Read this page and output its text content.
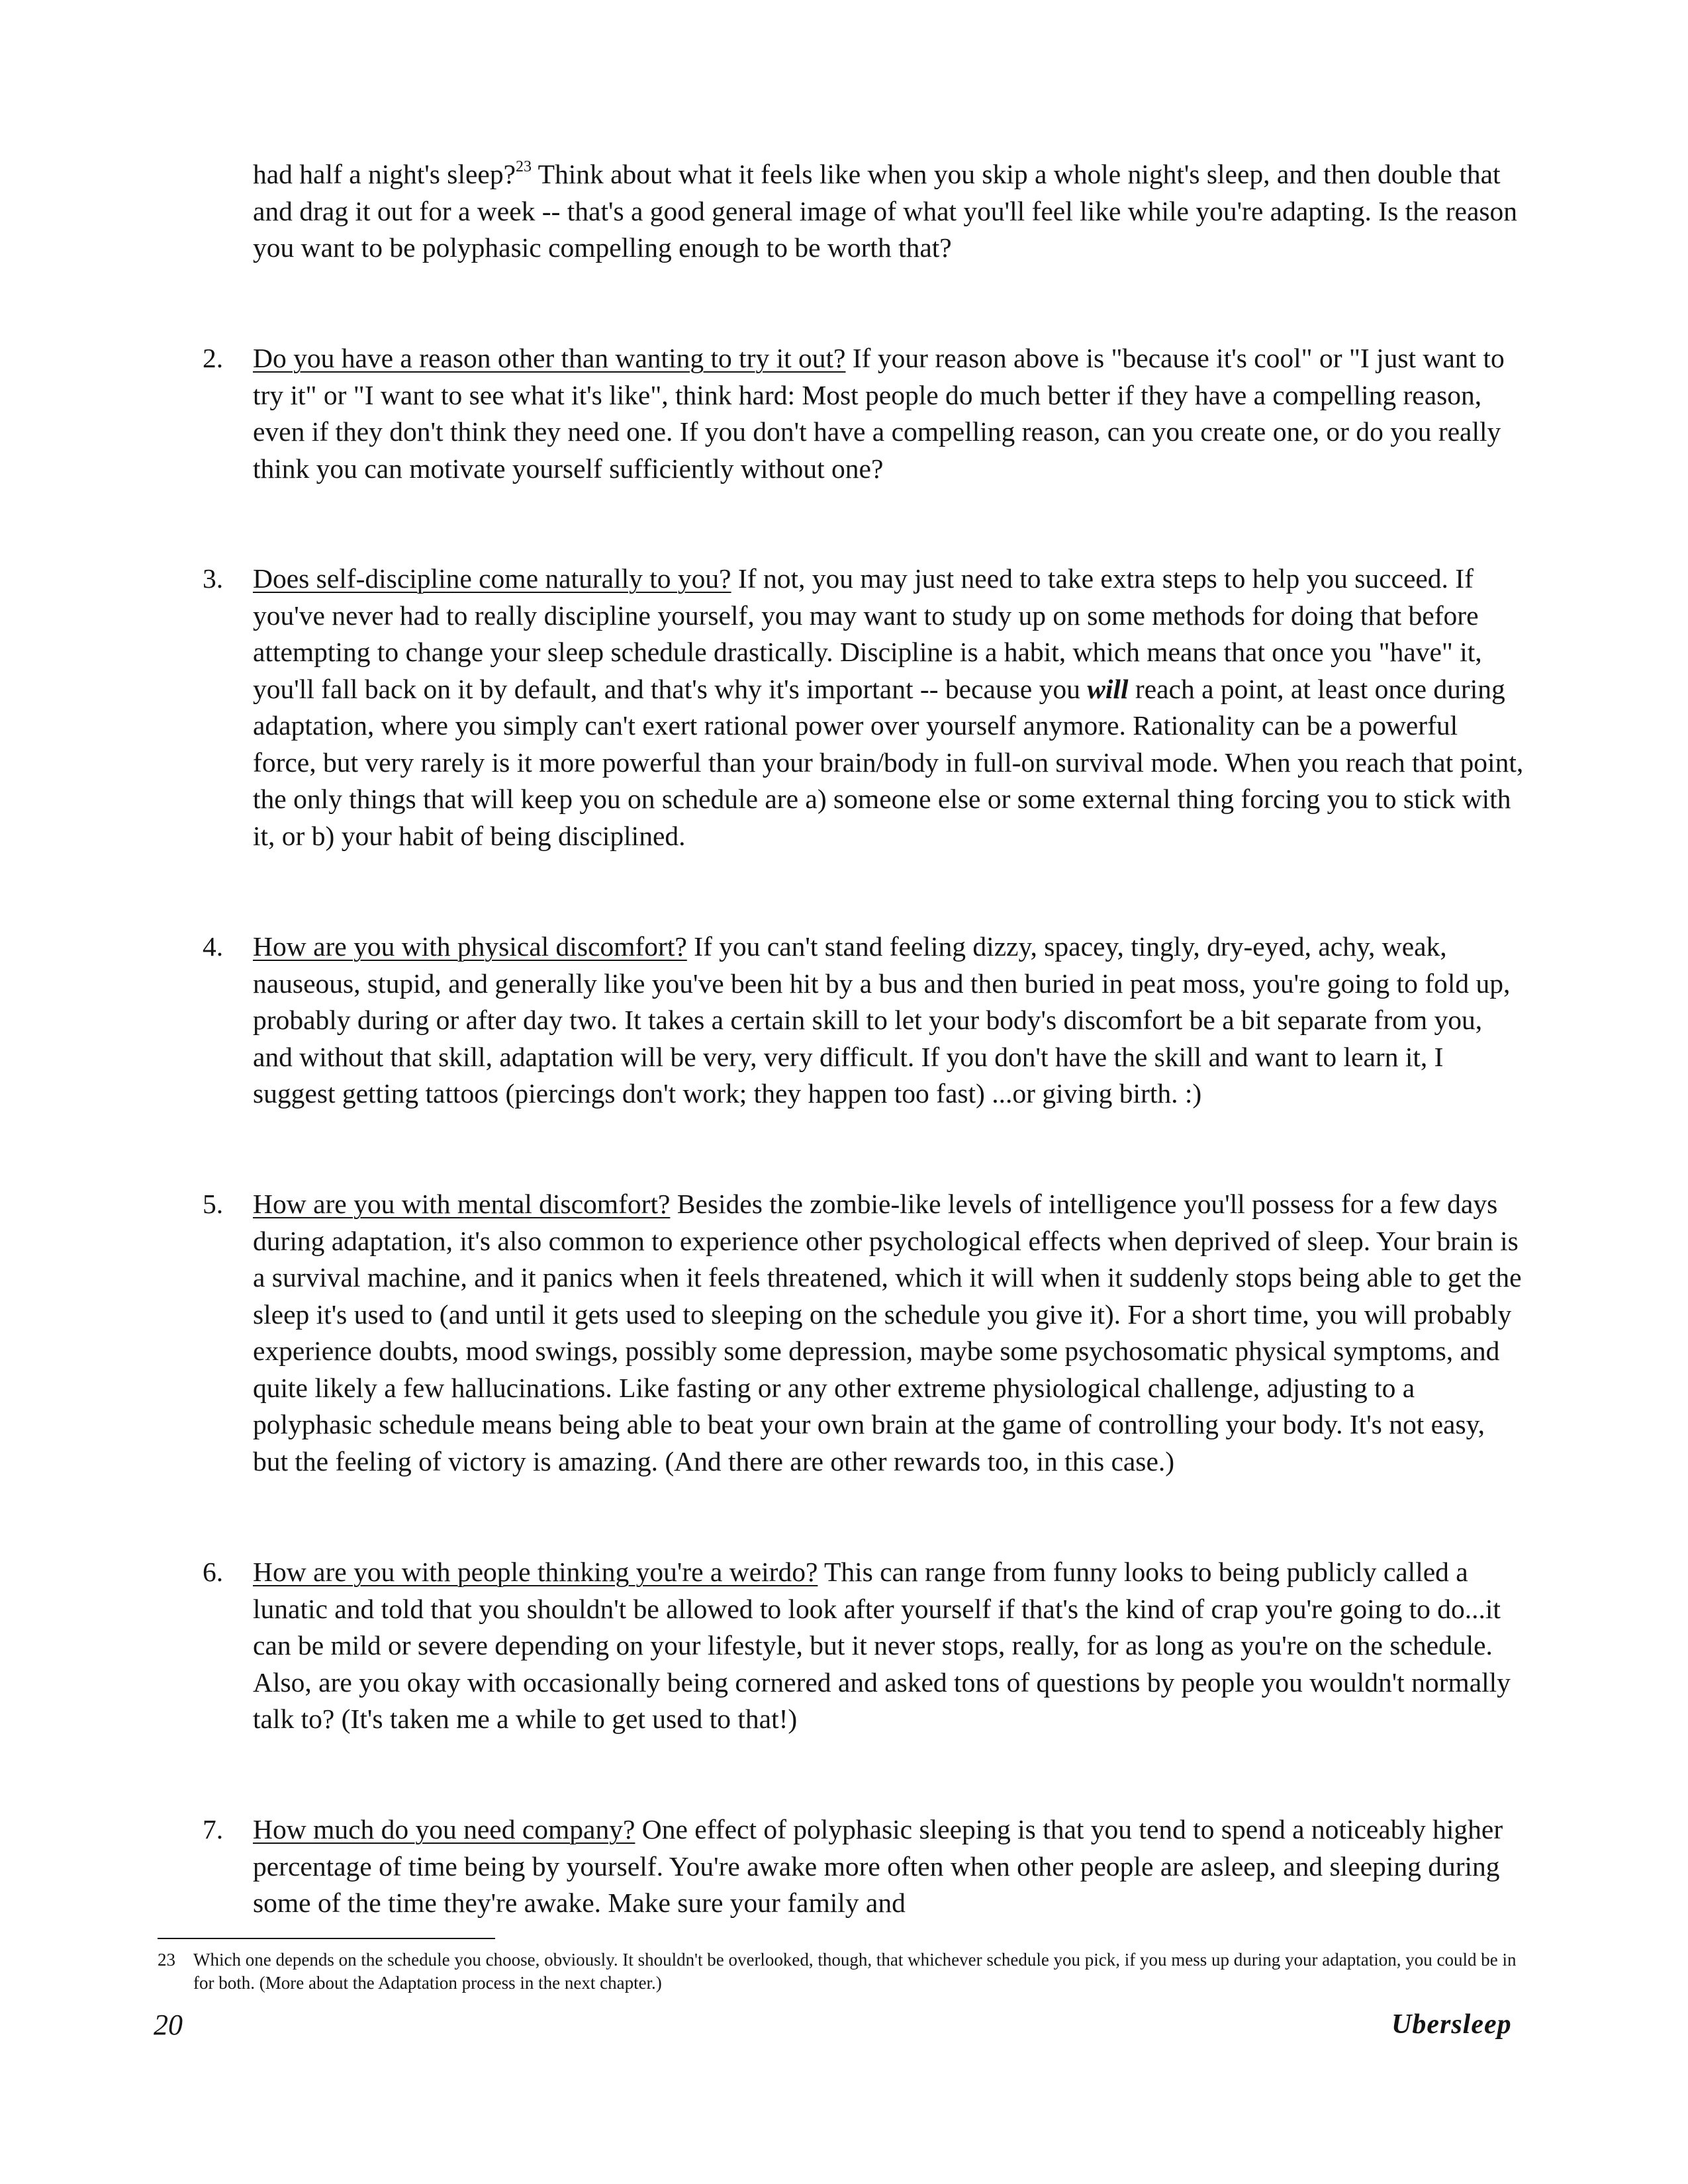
had half a night's sleep?$^{23}$ Think about what it feels like when you skip a whole night's sleep, and then double that and drag it out for a week -- that's a good general image of what you'll feel like while you're adapting. Is the reason you want to be polyphasic compelling enough to be worth that?
2. Do you have a reason other than wanting to try it out? If your reason above is "because it's cool" or "I just want to try it" or "I want to see what it's like", think hard: Most people do much better if they have a compelling reason, even if they don't think they need one. If you don't have a compelling reason, can you create one, or do you really think you can motivate yourself sufficiently without one?
3. Does self-discipline come naturally to you? If not, you may just need to take extra steps to help you succeed. If you've never had to really discipline yourself, you may want to study up on some methods for doing that before attempting to change your sleep schedule drastically. Discipline is a habit, which means that once you "have" it, you'll fall back on it by default, and that's why it's important -- because you will reach a point, at least once during adaptation, where you simply can't exert rational power over yourself anymore. Rationality can be a powerful force, but very rarely is it more powerful than your brain/body in full-on survival mode. When you reach that point, the only things that will keep you on schedule are a) someone else or some external thing forcing you to stick with it, or b) your habit of being disciplined.
4. How are you with physical discomfort? If you can't stand feeling dizzy, spacey, tingly, dry-eyed, achy, weak, nauseous, stupid, and generally like you've been hit by a bus and then buried in peat moss, you're going to fold up, probably during or after day two. It takes a certain skill to let your body's discomfort be a bit separate from you, and without that skill, adaptation will be very, very difficult. If you don't have the skill and want to learn it, I suggest getting tattoos (piercings don't work; they happen too fast) ...or giving birth. :)
5. How are you with mental discomfort? Besides the zombie-like levels of intelligence you'll possess for a few days during adaptation, it's also common to experience other psychological effects when deprived of sleep. Your brain is a survival machine, and it panics when it feels threatened, which it will when it suddenly stops being able to get the sleep it's used to (and until it gets used to sleeping on the schedule you give it). For a short time, you will probably experience doubts, mood swings, possibly some depression, maybe some psychosomatic physical symptoms, and quite likely a few hallucinations. Like fasting or any other extreme physiological challenge, adjusting to a polyphasic schedule means being able to beat your own brain at the game of controlling your body. It's not easy, but the feeling of victory is amazing. (And there are other rewards too, in this case.)
6. How are you with people thinking you're a weirdo? This can range from funny looks to being publicly called a lunatic and told that you shouldn't be allowed to look after yourself if that's the kind of crap you're going to do...it can be mild or severe depending on your lifestyle, but it never stops, really, for as long as you're on the schedule. Also, are you okay with occasionally being cornered and asked tons of questions by people you wouldn't normally talk to? (It's taken me a while to get used to that!)
7. How much do you need company? One effect of polyphasic sleeping is that you tend to spend a noticeably higher percentage of time being by yourself. You're awake more often when other people are asleep, and sleeping during some of the time they're awake. Make sure your family and
23 Which one depends on the schedule you choose, obviously. It shouldn't be overlooked, though, that whichever schedule you pick, if you mess up during your adaptation, you could be in for both. (More about the Adaptation process in the next chapter.)
20	Ubersleep
